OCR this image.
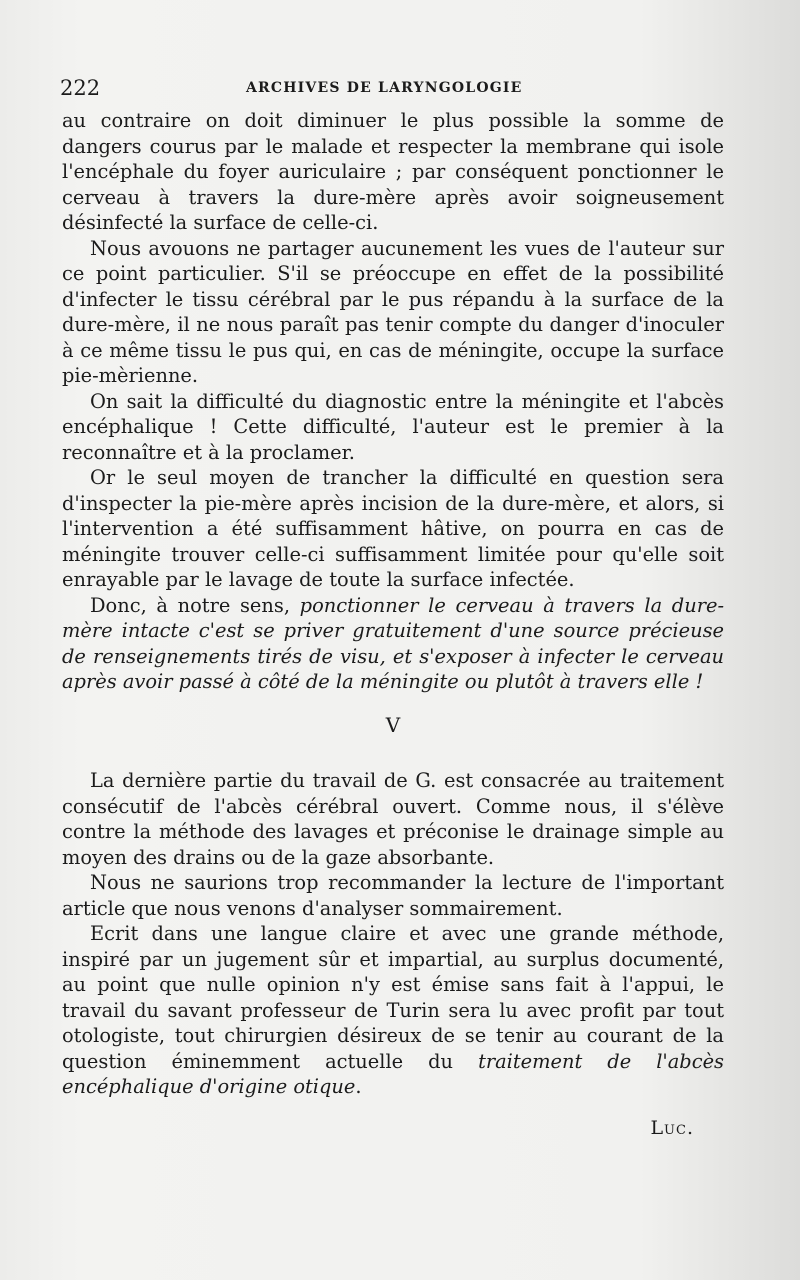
222	ARCHIVES DE LARYNGOLOGIE

au contraire on doit diminuer le plus possible la somme de dangers courus par le malade et respecter la membrane qui isole l'encéphale du foyer auriculaire ; par conséquent ponctionner le cerveau à travers la dure-mère après avoir soigneusement désinfecté la surface de celle-ci.

Nous avouons ne partager aucunement les vues de l'auteur sur ce point particulier. S'il se préoccupe en effet de la possibilité d'infecter le tissu cérébral par le pus répandu à la surface de la dure-mère, il ne nous paraît pas tenir compte du danger d'inoculer à ce même tissu le pus qui, en cas de méningite, occupe la surface pie-mèrienne.

On sait la difficulté du diagnostic entre la méningite et l'abcès encéphalique ! Cette difficulté, l'auteur est le premier à la reconnaître et à la proclamer.

Or le seul moyen de trancher la difficulté en question sera d'inspecter la pie-mère après incision de la dure-mère, et alors, si l'intervention a été suffisamment hâtive, on pourra en cas de méningite trouver celle-ci suffisamment limitée pour qu'elle soit enrayable par le lavage de toute la surface infectée.

Donc, à notre sens, ponctionner le cerveau à travers la dure-mère intacte c'est se priver gratuitement d'une source précieuse de renseignements tirés de visu, et s'exposer à infecter le cerveau après avoir passé à côté de la méningite ou plutôt à travers elle !

V

La dernière partie du travail de G. est consacrée au traitement consécutif de l'abcès cérébral ouvert. Comme nous, il s'élève contre la méthode des lavages et préconise le drainage simple au moyen des drains ou de la gaze absorbante.

Nous ne saurions trop recommander la lecture de l'important article que nous venons d'analyser sommairement.

Ecrit dans une langue claire et avec une grande méthode, inspiré par un jugement sûr et impartial, au surplus documenté, au point que nulle opinion n'y est émise sans fait à l'appui, le travail du savant professeur de Turin sera lu avec profit par tout otologiste, tout chirurgien désireux de se tenir au courant de la question éminemment actuelle du traitement de l'abcès encéphalique d'origine otique.

Luc.
